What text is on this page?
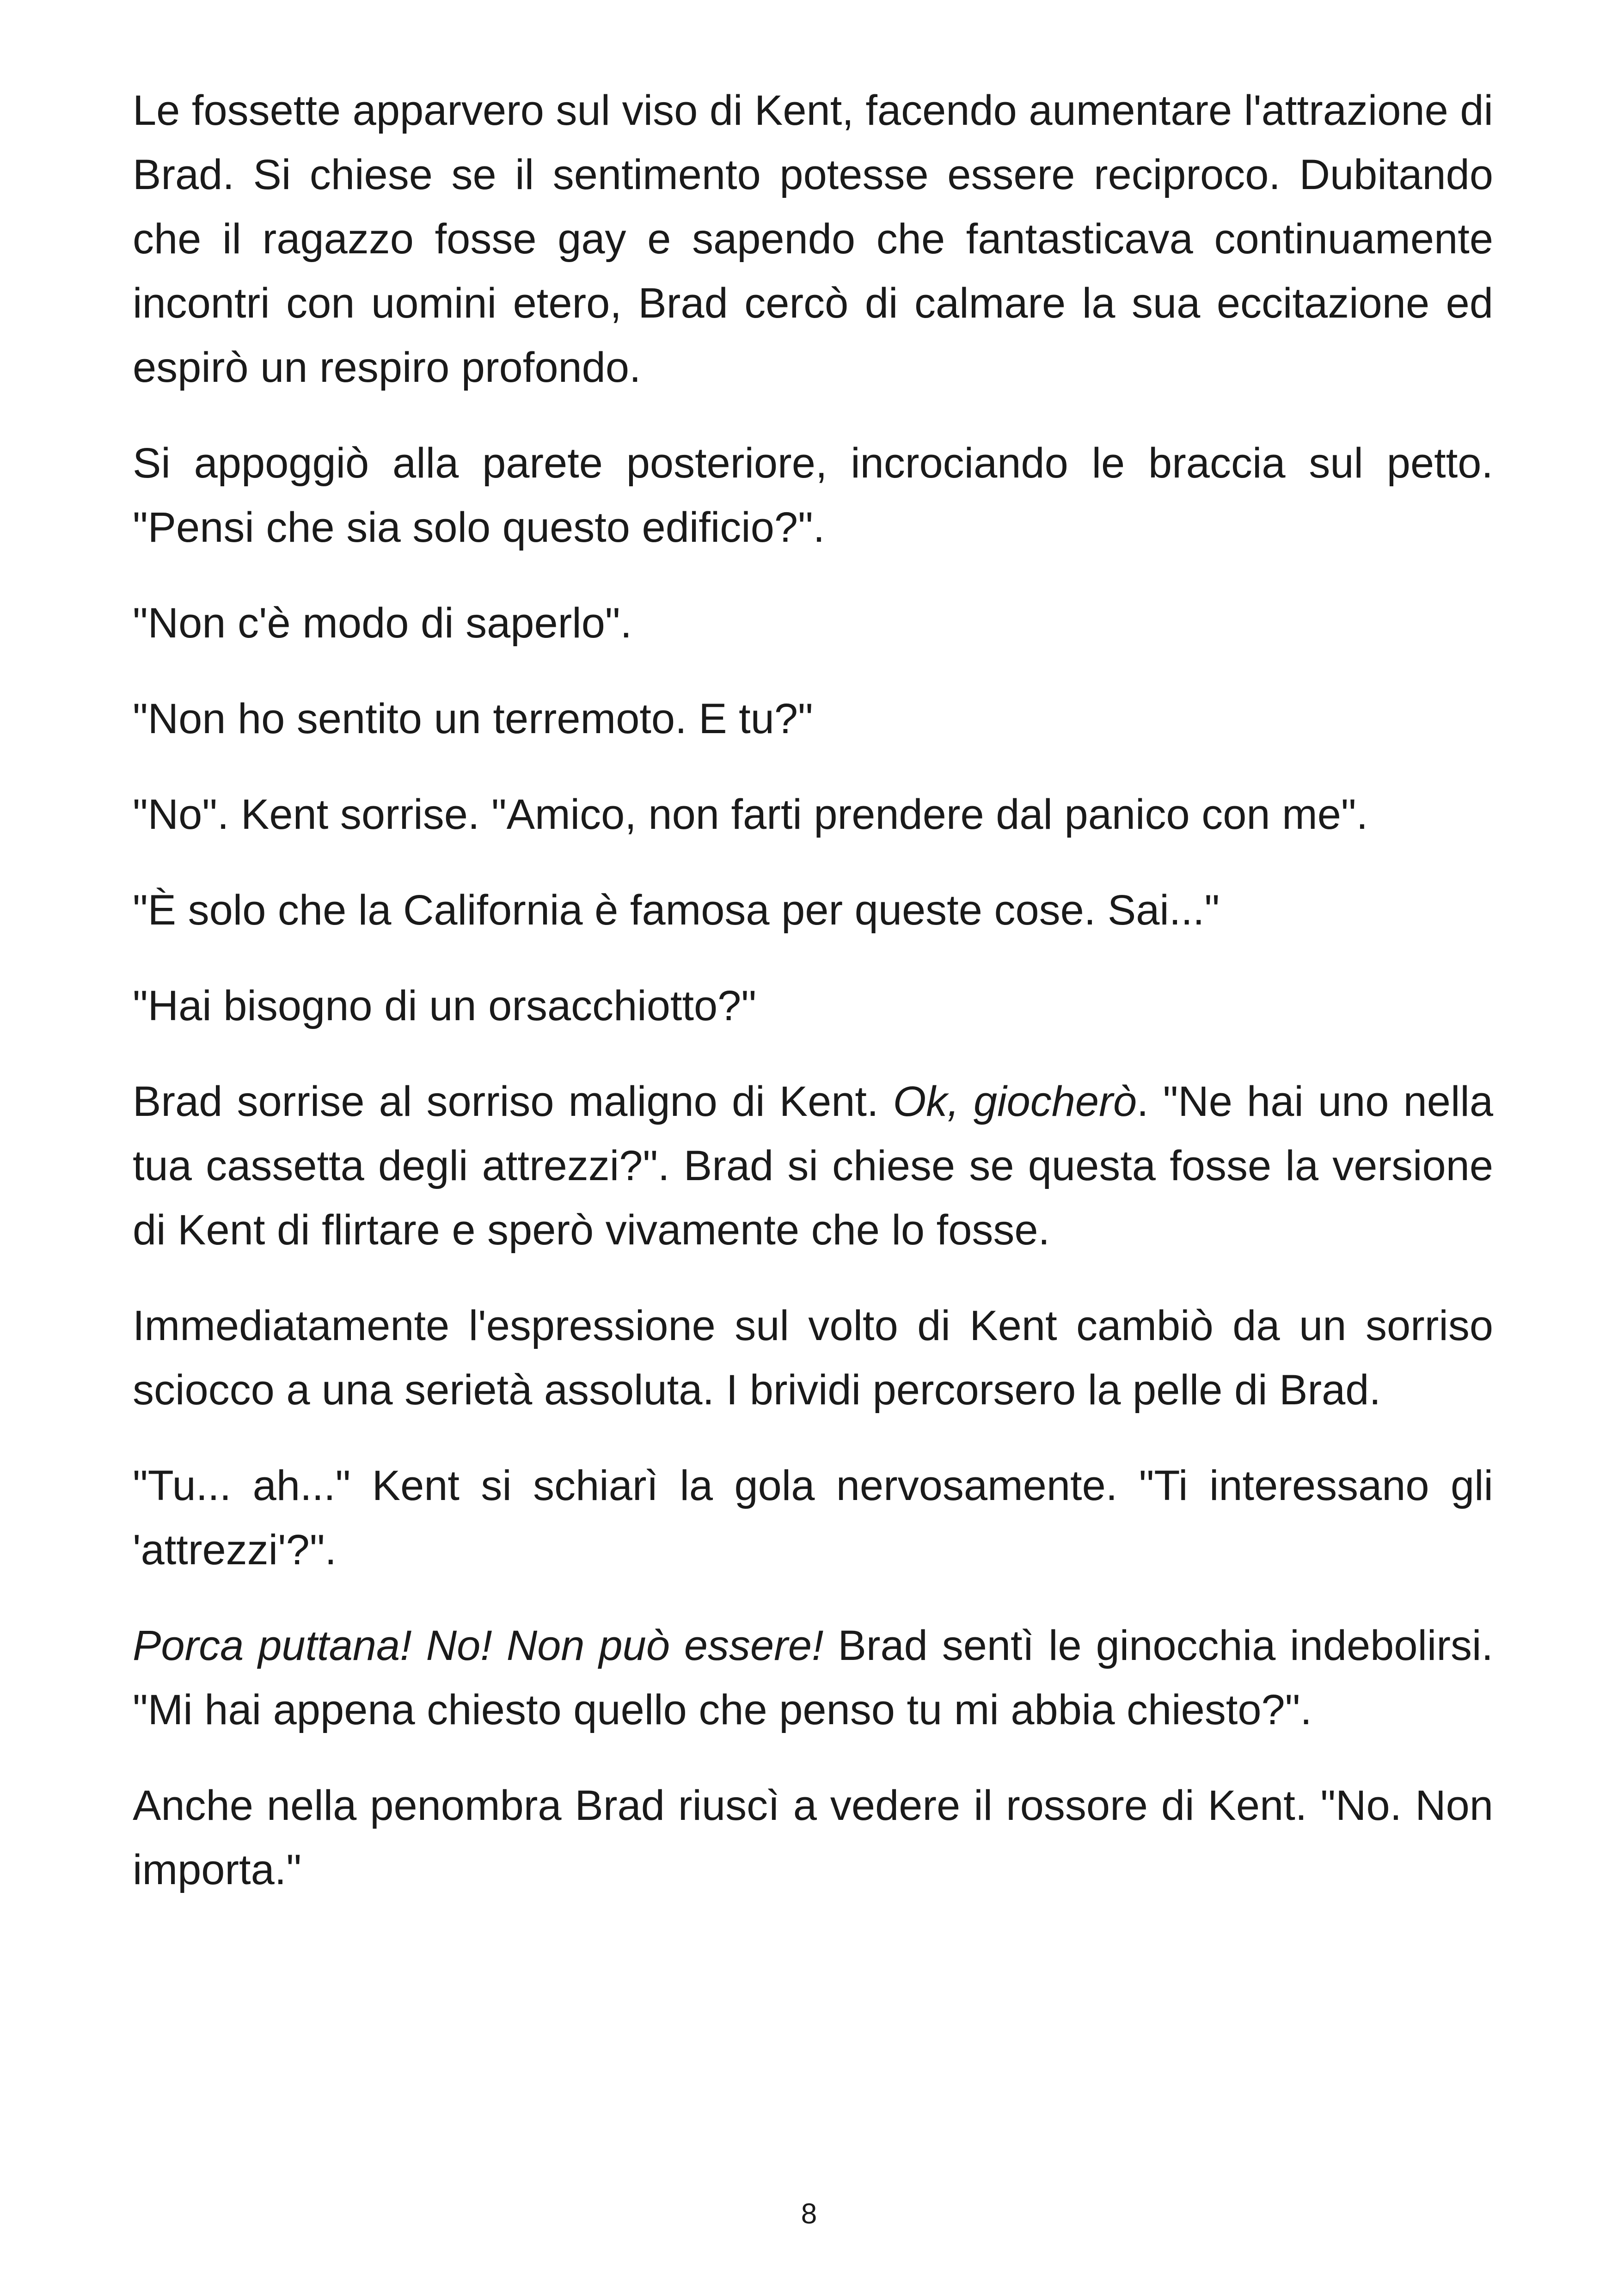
Le fossette apparvero sul viso di Kent, facendo aumentare l'attrazione di Brad. Si chiese se il sentimento potesse essere reciproco. Dubitando che il ragazzo fosse gay e sapendo che fantasticava continuamente incontri con uomini etero, Brad cercò di calmare la sua eccitazione ed espirò un respiro profondo.

Si appoggiò alla parete posteriore, incrociando le braccia sul petto. "Pensi che sia solo questo edificio?".

"Non c'è modo di saperlo".

"Non ho sentito un terremoto. E tu?"

"No". Kent sorrise. "Amico, non farti prendere dal panico con me".

"È solo che la California è famosa per queste cose. Sai..."

"Hai bisogno di un orsacchiotto?"

Brad sorrise al sorriso maligno di Kent. Ok, giocherò. "Ne hai uno nella tua cassetta degli attrezzi?". Brad si chiese se questa fosse la versione di Kent di flirtare e sperò vivamente che lo fosse.

Immediatamente l'espressione sul volto di Kent cambiò da un sorriso sciocco a una serietà assoluta. I brividi percorsero la pelle di Brad.

"Tu... ah..." Kent si schiarì la gola nervosamente. "Ti interessano gli 'attrezzi'?".

Porca puttana! No! Non può essere! Brad sentì le ginocchia indebolirsi. "Mi hai appena chiesto quello che penso tu mi abbia chiesto?".

Anche nella penombra Brad riuscì a vedere il rossore di Kent. "No. Non importa."

8
